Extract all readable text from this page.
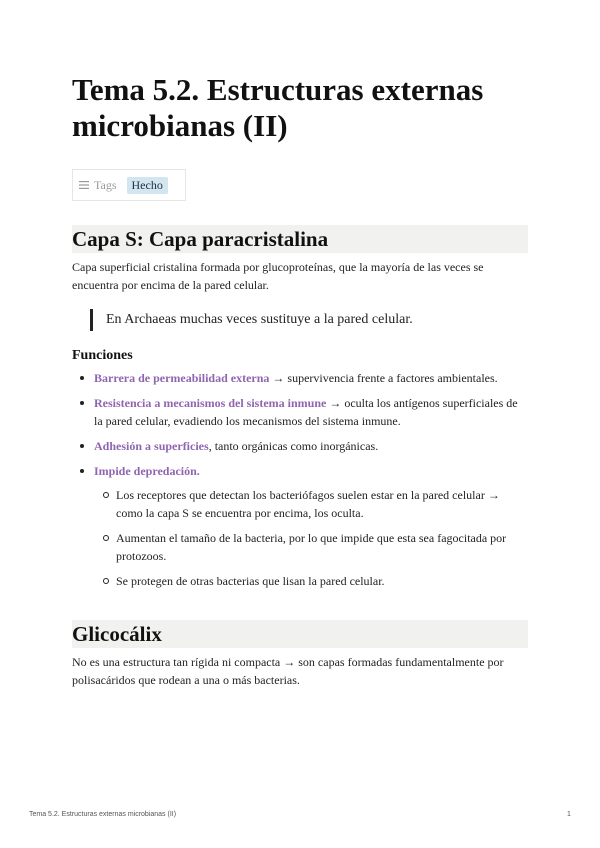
Tema 5.2. Estructuras externas microbianas (II)
Tags	Hecho
Capa S: Capa paracristalina

Capa superficial cristalina formada por glucoproteínas, que la mayoría de las veces se encuentra por encima de la pared celular.

En Archaeas muchas veces sustituye a la pared celular.
Funciones
Barrera de permeabilidad externa → supervivencia frente a factores ambientales.
Resistencia a mecanismos del sistema inmune → oculta los antígenos superficiales de la pared celular, evadiendo los mecanismos del sistema inmune.
Adhesión a superficies, tanto orgánicas como inorgánicas.
Impide depredación.
Los receptores que detectan los bacteriófagos suelen estar en la pared celular → como la capa S se encuentra por encima, los oculta.
Aumentan el tamaño de la bacteria, por lo que impide que esta sea fagocitada por protozoos.
Se protegen de otras bacterias que lisan la pared celular.
Glicocálix

No es una estructura tan rígida ni compacta → son capas formadas fundamentalmente por polisacáridos que rodean a una o más bacterias.

Tema 5.2. Estructuras externas microbianas (II)	1
